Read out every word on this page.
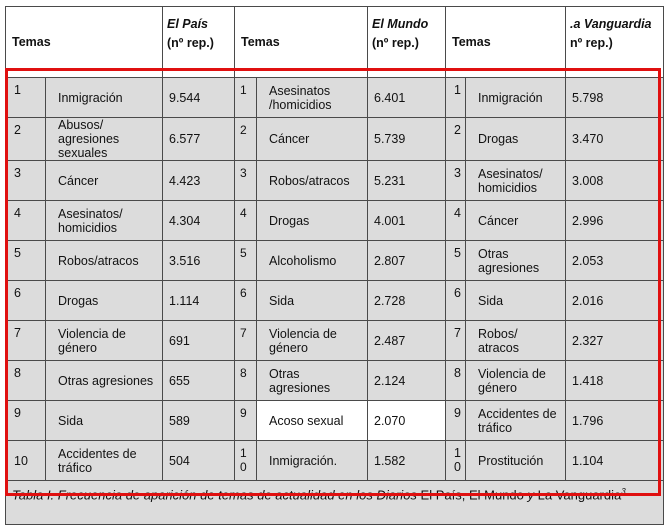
Temas		El País
(nº rep.)	Temas		El Mundo
(nº rep.)	Temas		.a Vanguardia
nº rep.)

1	Inmigración	9.544	1	Asesinatos /homicidios	6.401	1	Inmigración	5.798
2	Abusos/ agresiones sexuales	6.577	2	Cáncer	5.739	2	Drogas	3.470
3	Cáncer	4.423	3	Robos/atracos	5.231	3	Asesinatos/ homicidios	3.008
4	Asesinatos/ homicidios	4.304	4	Drogas	4.001	4	Cáncer	2.996
5	Robos/atracos	3.516	5	Alcoholismo	2.807	5	Otras agresiones	2.053
6	Drogas	1.114	6	Sida	2.728	6	Sida	2.016
7	Violencia de género	691	7	Violencia de género	2.487	7	Robos/ atracos	2.327
8	Otras agresiones	655	8	Otras agresiones	2.124	8	Violencia de género	1.418
9	Sida	589	9	Acoso sexual	2.070	9	Accidentes de tráfico	1.796
10	Accidentes de tráfico	504	1 0	Inmigración.	1.582	1 0	Prostitución	1.104
Tabla I. Frecuencia de aparición de temas de actualidad en los Diarios El País, El Mundo y La Vanguardia$^3$
